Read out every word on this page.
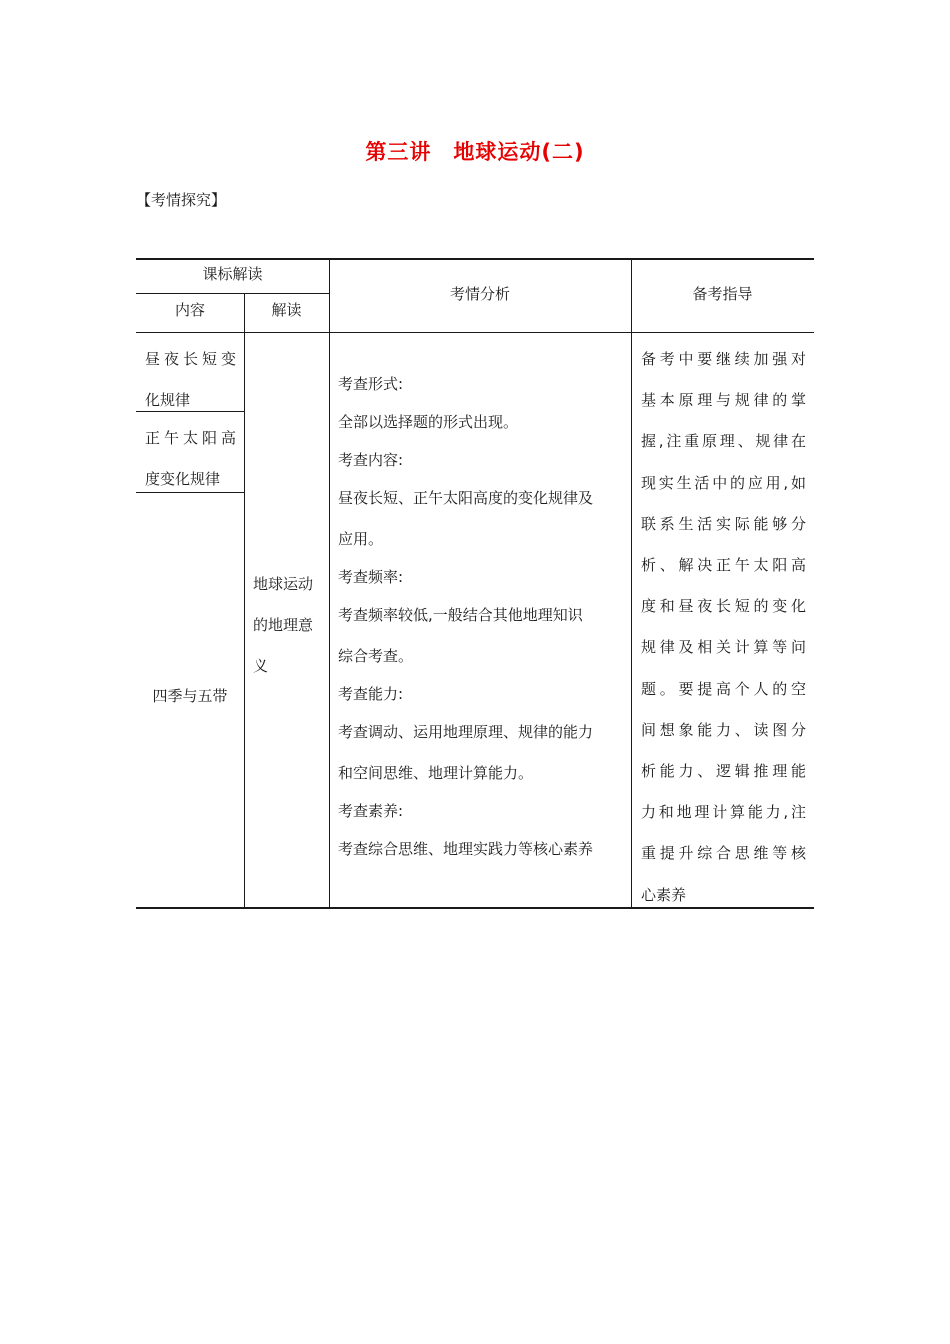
第三讲　地球运动(二)
【考情探究】
课标解读
内容	解读
考情分析	备考指导
昼夜长短变
化规律
正午太阳高
度变化规律
四季与五带
地球运动
的地理意
义
考查形式:
全部以选择题的形式出现。
考查内容:
昼夜长短、正午太阳高度的变化规律及
应用。
考查频率:
考查频率较低,一般结合其他地理知识
综合考查。
考查能力:
考查调动、运用地理原理、规律的能力
和空间思维、地理计算能力。
考查素养:
考查综合思维、地理实践力等核心素养
备考中要继续加强对
基本原理与规律的掌
握,注重原理、规律在
现实生活中的应用,如
联系生活实际能够分
析、解决正午太阳高
度和昼夜长短的变化
规律及相关计算等问
题。要提高个人的空
间想象能力、读图分
析能力、逻辑推理能
力和地理计算能力,注
重提升综合思维等核
心素养
